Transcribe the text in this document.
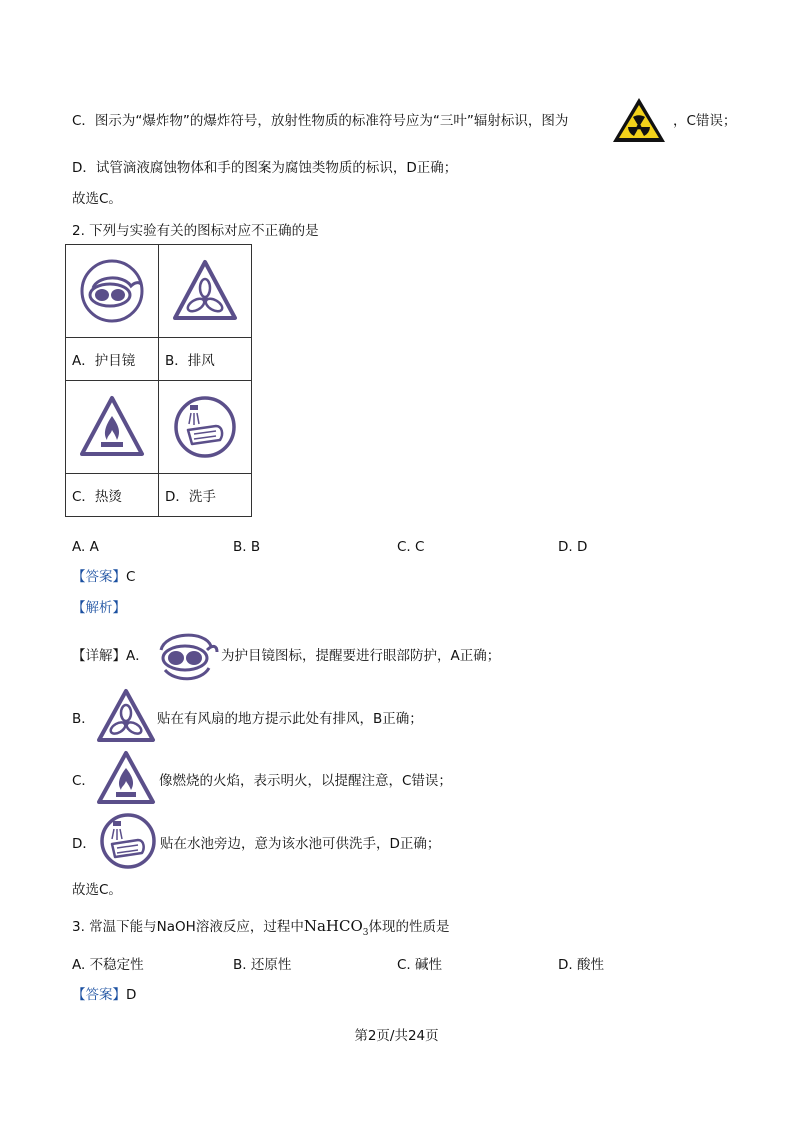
C．图示为“爆炸物”的爆炸符号，放射性物质的标准符号应为“三叶”辐射标识，图为	，C错误；
D．试管滴液腐蚀物体和手的图案为腐蚀类物质的标识，D正确；
故选C。
2. 下列与实验有关的图标对应不正确的是

A．护目镜	B．排风

C．热烫	D．洗手
A. A	B. B	C. C	D. D
【答案】C
【解析】
【详解】A．	为护目镜图标，提醒要进行眼部防护，A正确；
B．	贴在有风扇的地方提示此处有排风，B正确；
C．	像燃烧的火焰，表示明火，以提醒注意，C错误；
D．	贴在水池旁边，意为该水池可供洗手，D正确；
故选C。
3. 常温下能与NaOH溶液反应，过程中NaHCO$_3$体现的性质是
A. 不稳定性	B. 还原性	C. 碱性	D. 酸性
【答案】D
第2页/共24页
